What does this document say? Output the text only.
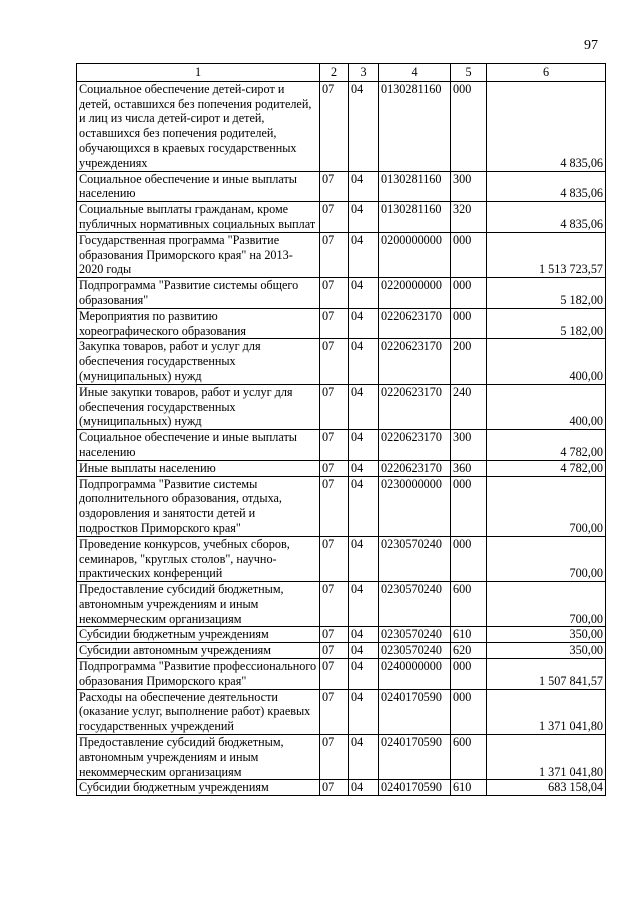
97
1	2	3	4	5	6
Социальное обеспечение детей-сирот и детей, оставшихся без попечения родителей, и лиц из числа детей-сирот и детей, оставшихся без попечения родителей, обучающихся в краевых государственных учреждениях	07	04	0130281160	000	4 835,06
Социальное обеспечение и иные выплаты населению	07	04	0130281160	300	4 835,06
Социальные выплаты гражданам, кроме публичных нормативных социальных выплат	07	04	0130281160	320	4 835,06
Государственная программа "Развитие образования Приморского края" на 2013-2020 годы	07	04	0200000000	000	1 513 723,57
Подпрограмма "Развитие системы общего образования"	07	04	0220000000	000	5 182,00
Мероприятия по развитию хореографического образования	07	04	0220623170	000	5 182,00
Закупка товаров, работ и услуг для обеспечения государственных (муниципальных) нужд	07	04	0220623170	200	400,00
Иные закупки товаров, работ и услуг для обеспечения государственных (муниципальных) нужд	07	04	0220623170	240	400,00
Социальное обеспечение и иные выплаты населению	07	04	0220623170	300	4 782,00
Иные выплаты населению	07	04	0220623170	360	4 782,00
Подпрограмма "Развитие системы дополнительного образования, отдыха, оздоровления и занятости детей и подростков Приморского края"	07	04	0230000000	000	700,00
Проведение конкурсов, учебных сборов, семинаров, "круглых столов", научно-практических конференций	07	04	0230570240	000	700,00
Предоставление субсидий бюджетным, автономным учреждениям и иным некоммерческим организациям	07	04	0230570240	600	700,00
Субсидии бюджетным учреждениям	07	04	0230570240	610	350,00
Субсидии автономным учреждениям	07	04	0230570240	620	350,00
Подпрограмма "Развитие профессионального образования Приморского края"	07	04	0240000000	000	1 507 841,57
Расходы на обеспечение деятельности (оказание услуг, выполнение работ) краевых государственных учреждений	07	04	0240170590	000	1 371 041,80
Предоставление субсидий бюджетным, автономным учреждениям и иным некоммерческим организациям	07	04	0240170590	600	1 371 041,80
Субсидии бюджетным учреждениям	07	04	0240170590	610	683 158,04
